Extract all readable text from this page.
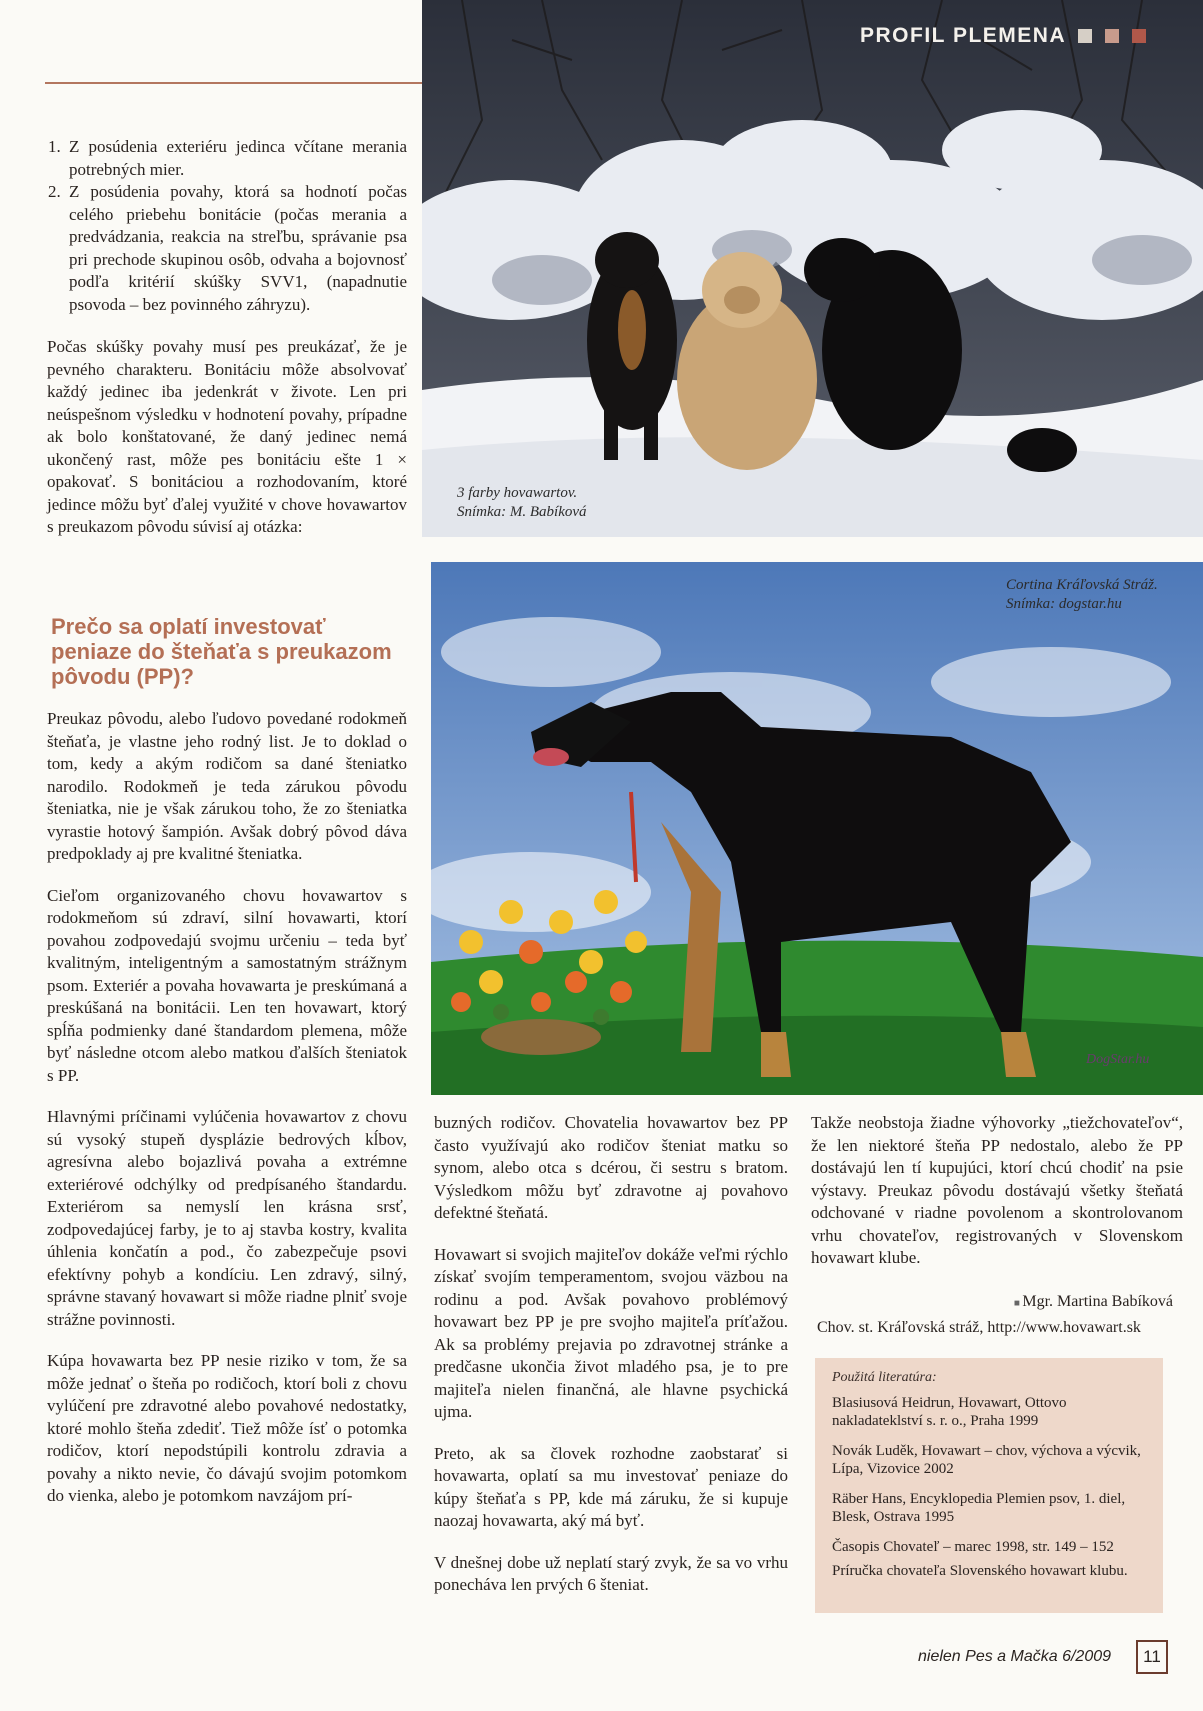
3 farby hovawartov.
Snímka: M. Babíková
PROFIL PLEMENA
Cortina Kráľovská Stráž.
Snímka: dogstar.hu
DogStar.hu
1. Z posúdenia exteriéru jedinca včítane merania potrebných mier.
2. Z posúdenia povahy, ktorá sa hodnotí počas celého priebehu bonitácie (počas merania a predvádzania, reakcia na streľbu, správanie psa pri prechode skupinou osôb, odvaha a bojovnosť podľa kritérií skúšky SVV1, (napadnutie psovoda – bez povinného záhryzu).

Počas skúšky povahy musí pes preukázať, že je pevného charakteru. Bonitáciu môže absolvovať každý jedinec iba jedenkrát v živote. Len pri neúspešnom výsledku v hodnotení povahy, prípadne ak bolo konštatované, že daný jedinec nemá ukončený rast, môže pes bonitáciu ešte 1 × opakovať. S bonitáciou a rozhodovaním, ktoré jedince môžu byť ďalej využité v chove hovawartov s preukazom pôvodu súvisí aj otázka:

Prečo sa oplatí investovať peniaze do šteňaťa s preukazom pôvodu (PP)?

Preukaz pôvodu, alebo ľudovo povedané rodokmeň šteňaťa, je vlastne jeho rodný list. Je to doklad o tom, kedy a akým rodičom sa dané šteniatko narodilo. Rodokmeň je teda zárukou pôvodu šteniatka, nie je však zárukou toho, že zo šteniatka vyrastie hotový šampión. Avšak dobrý pôvod dáva predpoklady aj pre kvalitné šteniatka.

Cieľom organizovaného chovu hovawartov s rodokmeňom sú zdraví, silní hovawarti, ktorí povahou zodpovedajú svojmu určeniu – teda byť kvalitným, inteligentným a samostatným strážnym psom. Exteriér a povaha hovawarta je preskúmaná a preskúšaná na bonitácii. Len ten hovawart, ktorý spĺňa podmienky dané štandardom plemena, môže byť následne otcom alebo matkou ďalších šteniatok s PP.

Hlavnými príčinami vylúčenia hovawartov z chovu sú vysoký stupeň dysplázie bedrových kĺbov, agresívna alebo bojazlivá povaha a extrémne exteriérové odchýlky od predpísaného štandardu. Exteriérom sa nemyslí len krásna srsť, zodpovedajúcej farby, je to aj stavba kostry, kvalita úhlenia končatín a pod., čo zabezpečuje psovi efektívny pohyb a kondíciu. Len zdravý, silný, správne stavaný hovawart si môže riadne plniť svoje strážne povinnosti.

Kúpa hovawarta bez PP nesie riziko v tom, že sa môže jednať o šteňa po rodičoch, ktorí boli z chovu vylúčení pre zdravotné alebo povahové nedostatky, ktoré mohlo šteňa zdediť. Tiež môže ísť o potomka rodičov, ktorí nepodstúpili kontrolu zdravia a povahy a nikto nevie, čo dávajú svojim potomkom do vienka, alebo je potomkom navzájom prí-

buzných rodičov. Chovatelia hovawartov bez PP často využívajú ako rodičov šteniat matku so synom, alebo otca s dcérou, či sestru s bratom. Výsledkom môžu byť zdravotne aj povahovo defektné šteňatá.

Hovawart si svojich majiteľov dokáže veľmi rýchlo získať svojím temperamentom, svojou väzbou na rodinu a pod. Avšak povahovo problémový hovawart bez PP je pre svojho majiteľa príťažou. Ak sa problémy prejavia po zdravotnej stránke a predčasne ukončia život mladého psa, je to pre majiteľa nielen finančná, ale hlavne psychická ujma.

Preto, ak sa človek rozhodne zaobstarať si hovawarta, oplatí sa mu investovať peniaze do kúpy šteňaťa s PP, kde má záruku, že si kupuje naozaj hovawarta, aký má byť.

V dnešnej dobe už neplatí starý zvyk, že sa vo vrhu ponecháva len prvých 6 šteniat.

Takže neobstoja žiadne výhovorky „tiežchovateľov“, že len niektoré šteňa PP nedostalo, alebo že PP dostávajú len tí kupujúci, ktorí chcú chodiť na psie výstavy. Preukaz pôvodu dostávajú všetky šteňatá odchované v riadne povolenom a skontrolovanom vrhu chovateľov, registrovaných v Slovenskom hovawart klube.

■ Mgr. Martina Babíková
Chov. st. Kráľovská stráž, http://www.hovawart.sk
Použitá literatúra:
Blasiusová Heidrun, Hovawart, Ottovo nakladateklství s. r. o., Praha 1999
Novák Luděk, Hovawart – chov, výchova a výcvik, Lípa, Vizovice 2002
Räber Hans, Encyklopedia Plemien psov, 1. diel, Blesk, Ostrava 1995
Časopis Chovateľ – marec 1998, str. 149 – 152
Príručka chovateľa Slovenského hovawart klubu.
nielen Pes a Mačka 6/2009	11
